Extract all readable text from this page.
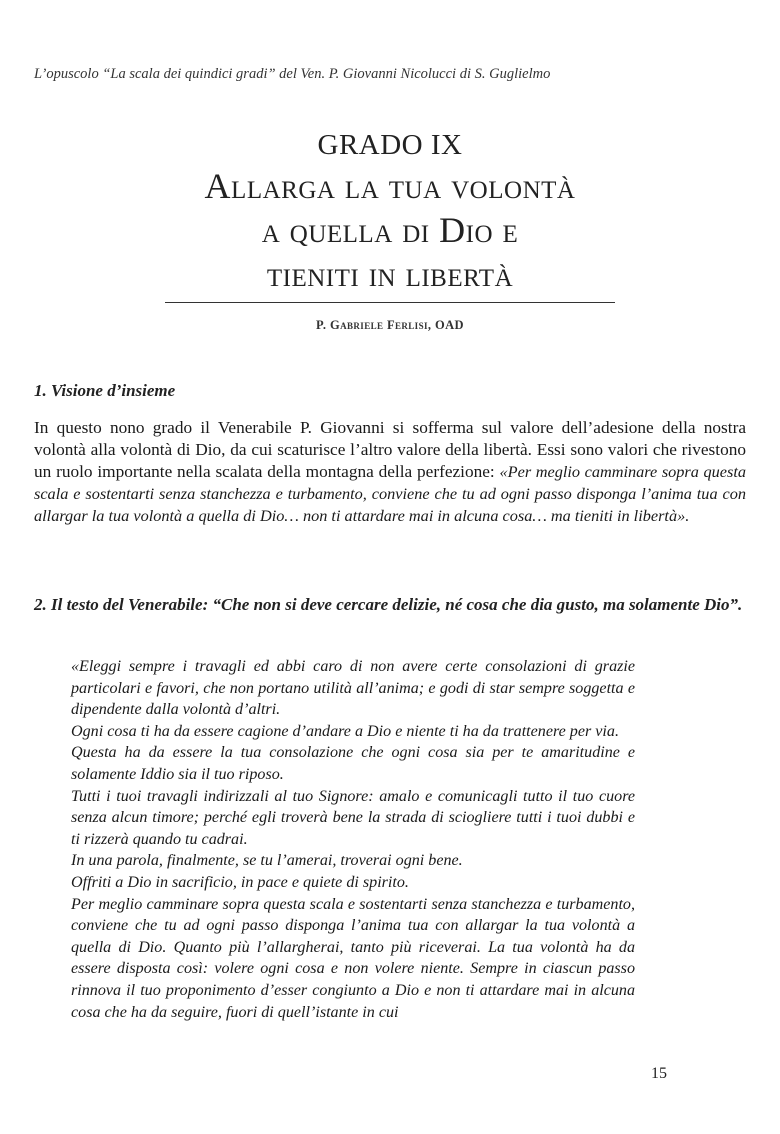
L’opuscolo “La scala dei quindici gradi” del Ven. P. Giovanni Nicolucci di S. Guglielmo
GRADO IX
Allarga la tua volontà
a quella di Dio e
tieniti in libertà
P. Gabriele Ferlisi, OAD
1. Visione d’insieme
In questo nono grado il Venerabile P. Giovanni si sofferma sul valore dell’adesione della nostra volontà alla volontà di Dio, da cui scaturisce l’altro valore della libertà. Essi sono valori che rivestono un ruolo importante nella scalata della montagna della perfezione: «Per meglio camminare sopra questa scala e sostentarti senza stanchezza e turbamento, conviene che tu ad ogni passo disponga l’anima tua con allargar la tua volontà a quella di Dio… non ti attardare mai in alcuna cosa… ma tieniti in libertà».
2. Il testo del Venerabile: “Che non si deve cercare delizie, né cosa che dia gusto, ma solamente Dio”.

«Eleggi sempre i travagli ed abbi caro di non avere certe consolazioni di grazie particolari e favori, che non portano utilità all’anima; e godi di star sempre soggetta e dipendente dalla volontà d’altri.

Ogni cosa ti ha da essere cagione d’andare a Dio e niente ti ha da trattenere per via.

Questa ha da essere la tua consolazione che ogni cosa sia per te amaritudine e solamente Iddio sia il tuo riposo.

Tutti i tuoi travagli indirizzali al tuo Signore: amalo e comunicagli tutto il tuo cuore senza alcun timore; perché egli troverà bene la strada di sciogliere tutti i tuoi dubbi e ti rizzerà quando tu cadrai.

In una parola, finalmente, se tu l’amerai, troverai ogni bene.

Offriti a Dio in sacrificio, in pace e quiete di spirito.

Per meglio camminare sopra questa scala e sostentarti senza stanchezza e turbamento, conviene che tu ad ogni passo disponga l’anima tua con allargar la tua volontà a quella di Dio. Quanto più l’allargherai, tanto più riceverai. La tua volontà ha da essere disposta così: volere ogni cosa e non volere niente. Sempre in ciascun passo rinnova il tuo proponimento d’esser congiunto a Dio e non ti attardare mai in alcuna cosa che ha da seguire, fuori di quell’istante in cui

15
